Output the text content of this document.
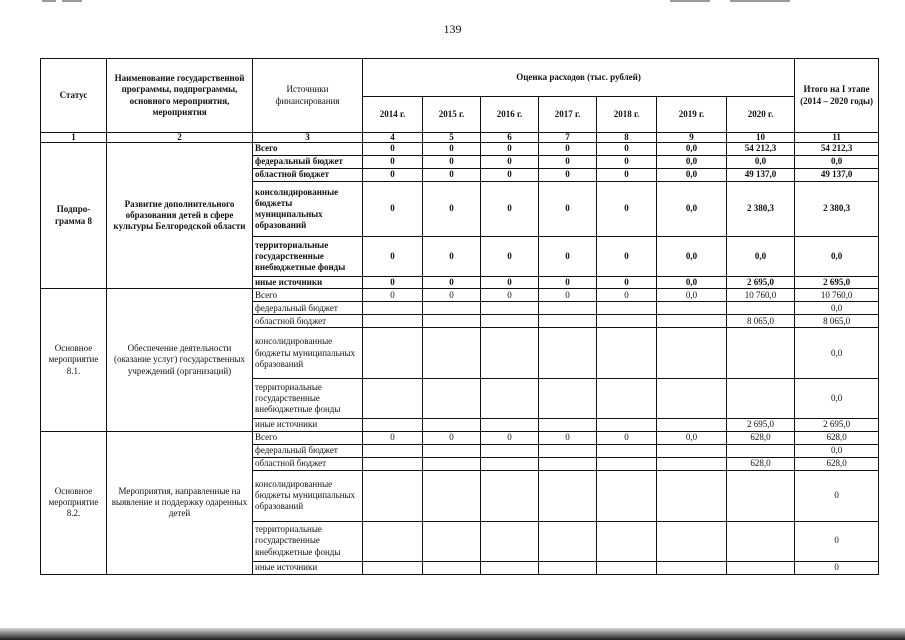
139
Статус	Наименование государственной программы, подпрограммы, основного мероприятия, мероприятия	Источники финансирования	Оценка расходов (тыс. рублей)							Итого на I этапе (2014 – 2020 годы)
			2014 г.	2015 г.	2016 г.	2017 г.	2018 г.	2019 г.	2020 г.	
1	2	3	4	5	6	7	8	9	10	11
Подпро-грамма 8	Развитие дополнительного образования детей в сфере культуры Белгородской области	Всего	0	0	0	0	0	0,0	54 212,3	54 212,3
		федеральный бюджет	0	0	0	0	0	0,0	0,0	0,0
		областной бюджет	0	0	0	0	0	0,0	49 137,0	49 137,0
		консолидированные бюджеты муниципальных образований	0	0	0	0	0	0,0	2 380,3	2 380,3
		территориальные государственные внебюджетные фонды	0	0	0	0	0	0,0	0,0	0,0
		иные источники	0	0	0	0	0	0,0	2 695,0	2 695,0
Основное мероприятие 8.1.	Обеспечение деятельности (оказание услуг) государственных учреждений (организаций)	Всего	0	0	0	0	0	0,0	10 760,0	10 760,0
		федеральный бюджет								0,0
		областной бюджет							8 065,0	8 065,0
		консолидированные бюджеты муниципальных образований								0,0
		территориальные государственные внебюджетные фонды								0,0
		иные источники							2 695,0	2 695,0
Основное мероприятие 8.2.	Мероприятия, направленные на выявление и поддержку одаренных детей	Всего	0	0	0	0	0	0,0	628,0	628,0
		федеральный бюджет								0,0
		областной бюджет							628,0	628,0
		консолидированные бюджеты муниципальных образований								0
		территориальные государственные внебюджетные фонды								0
		иные источники								0
